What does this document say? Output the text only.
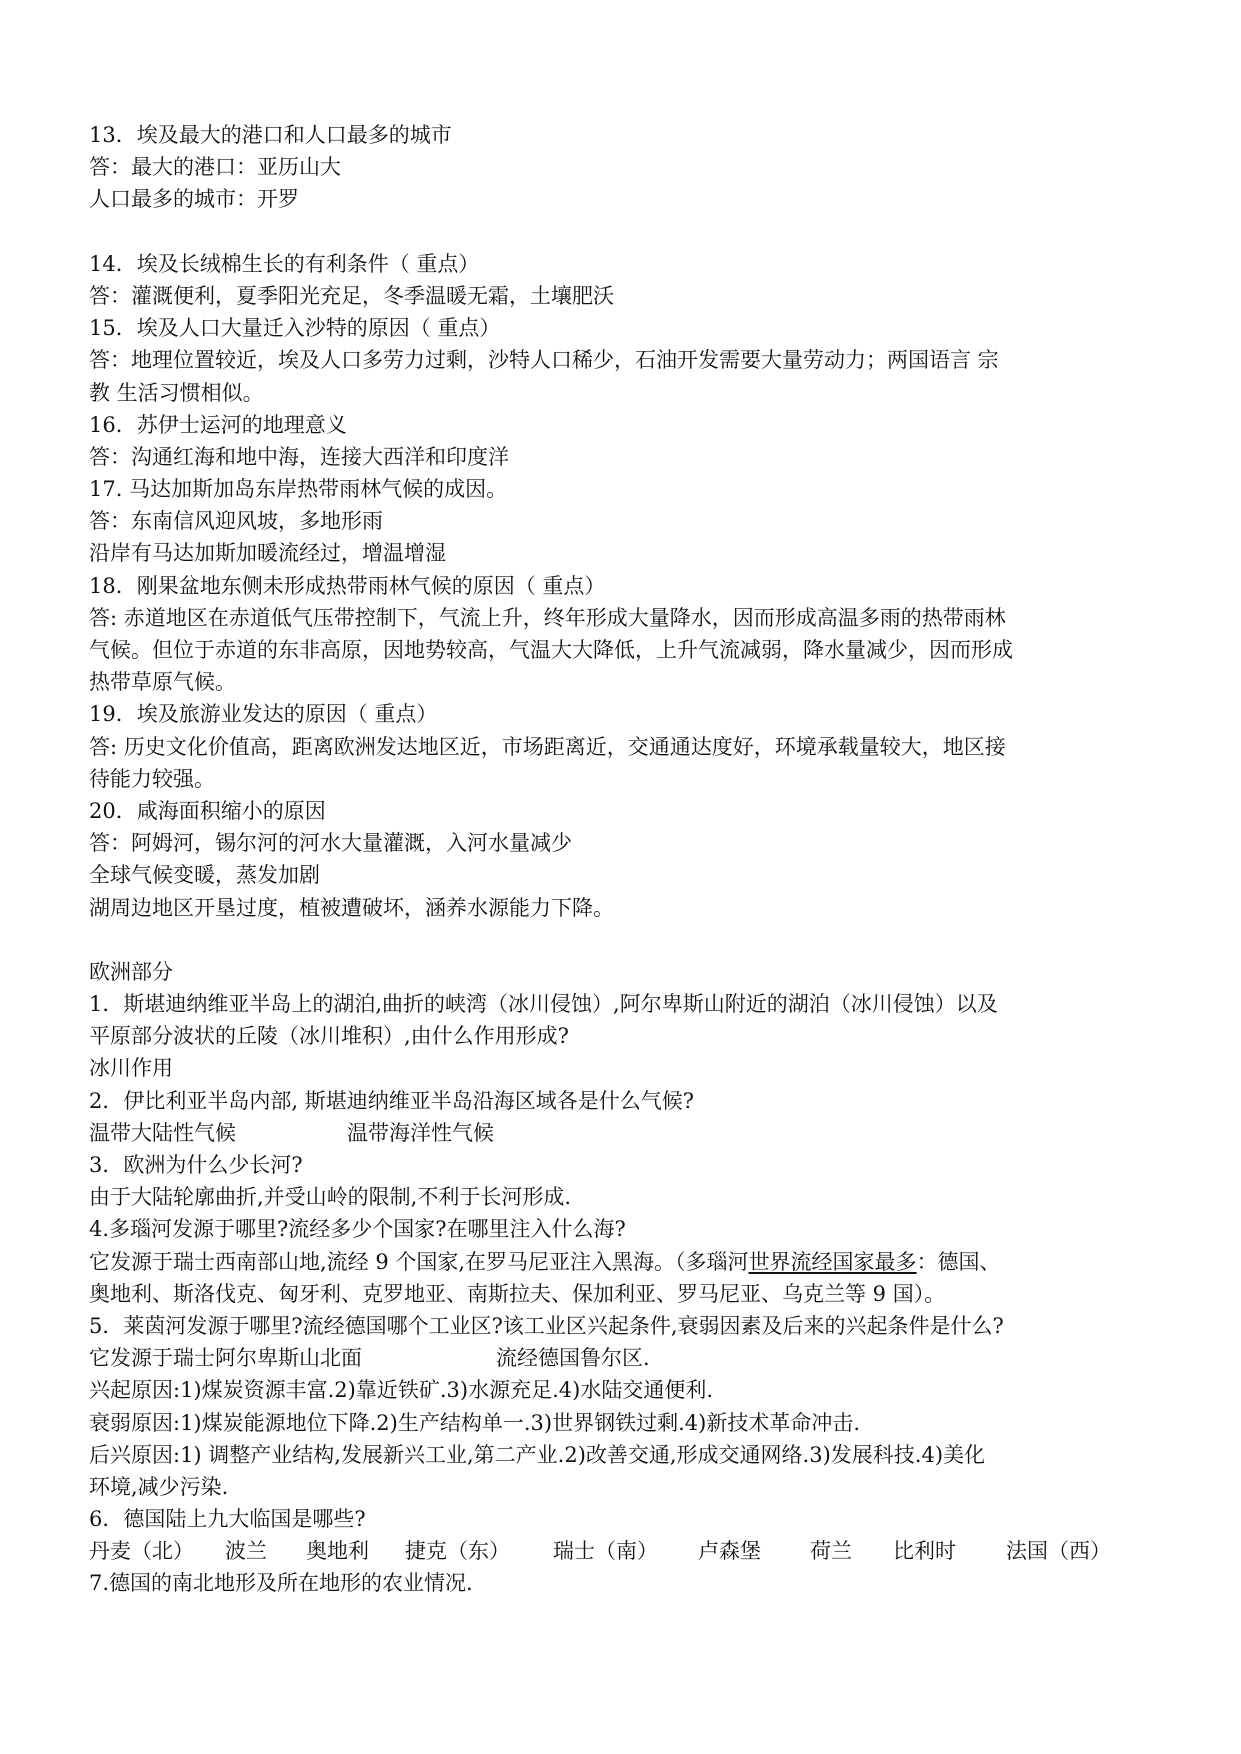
13．埃及最大的港口和人口最多的城市
答：最大的港口：亚历山大
人口最多的城市：开罗
14．埃及长绒棉生长的有利条件（ 重点）
答：灌溉便利，夏季阳光充足，冬季温暖无霜，土壤肥沃
15．埃及人口大量迁入沙特的原因（ 重点）
答：地理位置较近，埃及人口多劳力过剩，沙特人口稀少，石油开发需要大量劳动力；两国语言 宗
教 生活习惯相似。
16．苏伊士运河的地理意义
答：沟通红海和地中海，连接大西洋和印度洋
17. 马达加斯加岛东岸热带雨林气候的成因。
答：东南信风迎风坡，多地形雨
沿岸有马达加斯加暖流经过，增温增湿
18．刚果盆地东侧未形成热带雨林气候的原因（ 重点）
答: 赤道地区在赤道低气压带控制下，气流上升，终年形成大量降水，因而形成高温多雨的热带雨林
气候。但位于赤道的东非高原，因地势较高，气温大大降低，上升气流减弱，降水量减少，因而形成
热带草原气候。
19．埃及旅游业发达的原因（ 重点）
答: 历史文化价值高，距离欧洲发达地区近，市场距离近，交通通达度好，环境承载量较大，地区接
待能力较强。
20．咸海面积缩小的原因
答：阿姆河，锡尔河的河水大量灌溉，入河水量减少
全球气候变暖，蒸发加剧
湖周边地区开垦过度，植被遭破坏，涵养水源能力下降。
欧洲部分
1．斯堪迪纳维亚半岛上的湖泊,曲折的峡湾（冰川侵蚀）,阿尔卑斯山附近的湖泊（冰川侵蚀）以及
平原部分波状的丘陵（冰川堆积）,由什么作用形成?
冰川作用
2．伊比利亚半岛内部, 斯堪迪纳维亚半岛沿海区域各是什么气候?
温带大陆性气候	温带海洋性气候
3．欧洲为什么少长河?
由于大陆轮廓曲折,并受山岭的限制,不利于长河形成.
4.多瑙河发源于哪里?流经多少个国家?在哪里注入什么海?
它发源于瑞士西南部山地,流经 9 个国家,在罗马尼亚注入黑海。（多瑙河世界流经国家最多：德国、
奥地利、斯洛伐克、匈牙利、克罗地亚、南斯拉夫、保加利亚、罗马尼亚、乌克兰等 9 国）。
5．莱茵河发源于哪里?流经德国哪个工业区?该工业区兴起条件,衰弱因素及后来的兴起条件是什么?
它发源于瑞士阿尔卑斯山北面	流经德国鲁尔区.
兴起原因:1)煤炭资源丰富.2)靠近铁矿.3)水源充足.4)水陆交通便利.
衰弱原因:1)煤炭能源地位下降.2)生产结构单一.3)世界钢铁过剩.4)新技术革命冲击.
后兴原因:1) 调整产业结构,发展新兴工业,第二产业.2)改善交通,形成交通网络.3)发展科技.4)美化
环境,减少污染.
6．德国陆上九大临国是哪些?
丹麦（北） 波兰 奥地利 捷克（东） 瑞士（南） 卢森堡 荷兰 比利时 法国（西）
7.德国的南北地形及所在地形的农业情况.
